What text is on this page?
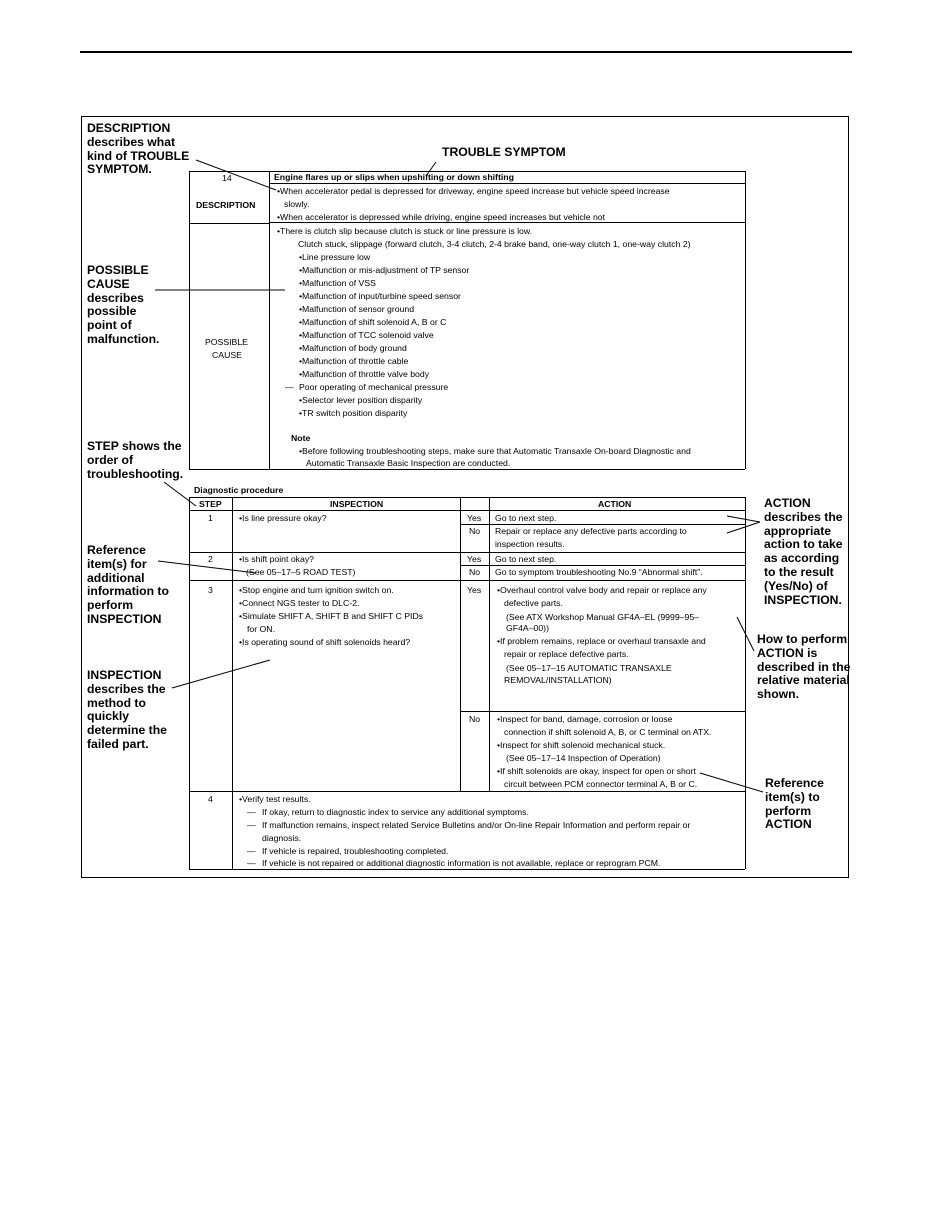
DESCRIPTION
describes what
kind of TROUBLE
SYMPTOM.
TROUBLE SYMPTOM
POSSIBLE
CAUSE
describes
possible
point of
malfunction.
STEP shows the
order of
troubleshooting.
Reference
item(s) for
additional
information to
perform
INSPECTION
INSPECTION
describes the
method to
quickly
determine the
failed part.
ACTION
describes the
appropriate
action to take
as according
to the result
(Yes/No) of
INSPECTION.
How to perform
ACTION is
described in the
relative material
shown.
Reference
item(s) to
perform
ACTION
14	Engine flares up or slips when upshifting or down shifting
DESCRIPTION
• When accelerator pedal is depressed for driveway, engine speed increase but vehicle speed increase
slowly.
• When accelerator is depressed while driving, engine speed increases but vehicle not
POSSIBLE
CAUSE
• There is clutch slip because clutch is stuck or line pressure is low.
Clutch stuck, slippage (forward clutch, 3-4 clutch, 2-4 brake band, one-way clutch 1, one-way clutch 2)
• Line pressure low
• Malfunction or mis-adjustment of TP sensor
• Malfunction of VSS
• Malfunction of input/turbine speed sensor
• Malfunction of sensor ground
• Malfunction of shift solenoid A, B or C
• Malfunction of TCC solenoid valve
• Malfunction of body ground
• Malfunction of throttle cable
• Malfunction of throttle valve body
— Poor operating of mechanical pressure
• Selector lever position disparity
• TR switch position disparity
Note
• Before following troubleshooting steps, make sure that Automatic Transaxle On-board Diagnostic and
Automatic Transaxle Basic Inspection are conducted.
Diagnostic procedure
STEP	INSPECTION	ACTION
1	• Is line pressure okay?	Yes Go to next step.
No Repair or replace any defective parts according to
inspection results.
2	• Is shift point okay?
(See 05–17–5 ROAD TEST)
Yes Go to next step.
No Go to symptom troubleshooting No.9 “Abnormal shift”.
3	• Stop engine and turn ignition switch on.
• Connect NGS tester to DLC-2.
• Simulate SHIFT A, SHIFT B and SHIFT C PIDs
for ON.
• Is operating sound of shift solenoids heard?
Yes	• Overhaul control valve body and repair or replace any
defective parts.
(See ATX Workshop Manual GF4A–EL (9999–95–
GF4A–00))
• If problem remains, replace or overhaul transaxle and
repair or replace defective parts.
(See 05–17–15 AUTOMATIC TRANSAXLE
REMOVAL/INSTALLATION)
No	• Inspect for band, damage, corrosion or loose
connection if shift solenoid A, B, or C terminal on ATX.
• Inspect for shift solenoid mechanical stuck.
(See 05–17–14 Inspection of Operation)
• If shift solenoids are okay, inspect for open or short
circuit between PCM connector terminal A, B or C.
4	• Verify test results.
— If okay, return to diagnostic index to service any additional symptoms.
— If malfunction remains, inspect related Service Bulletins and/or On-line Repair Information and perform repair or
diagnosis.
— If vehicle is repaired, troubleshooting completed.
— If vehicle is not repaired or additional diagnostic information is not available, replace or reprogram PCM.
